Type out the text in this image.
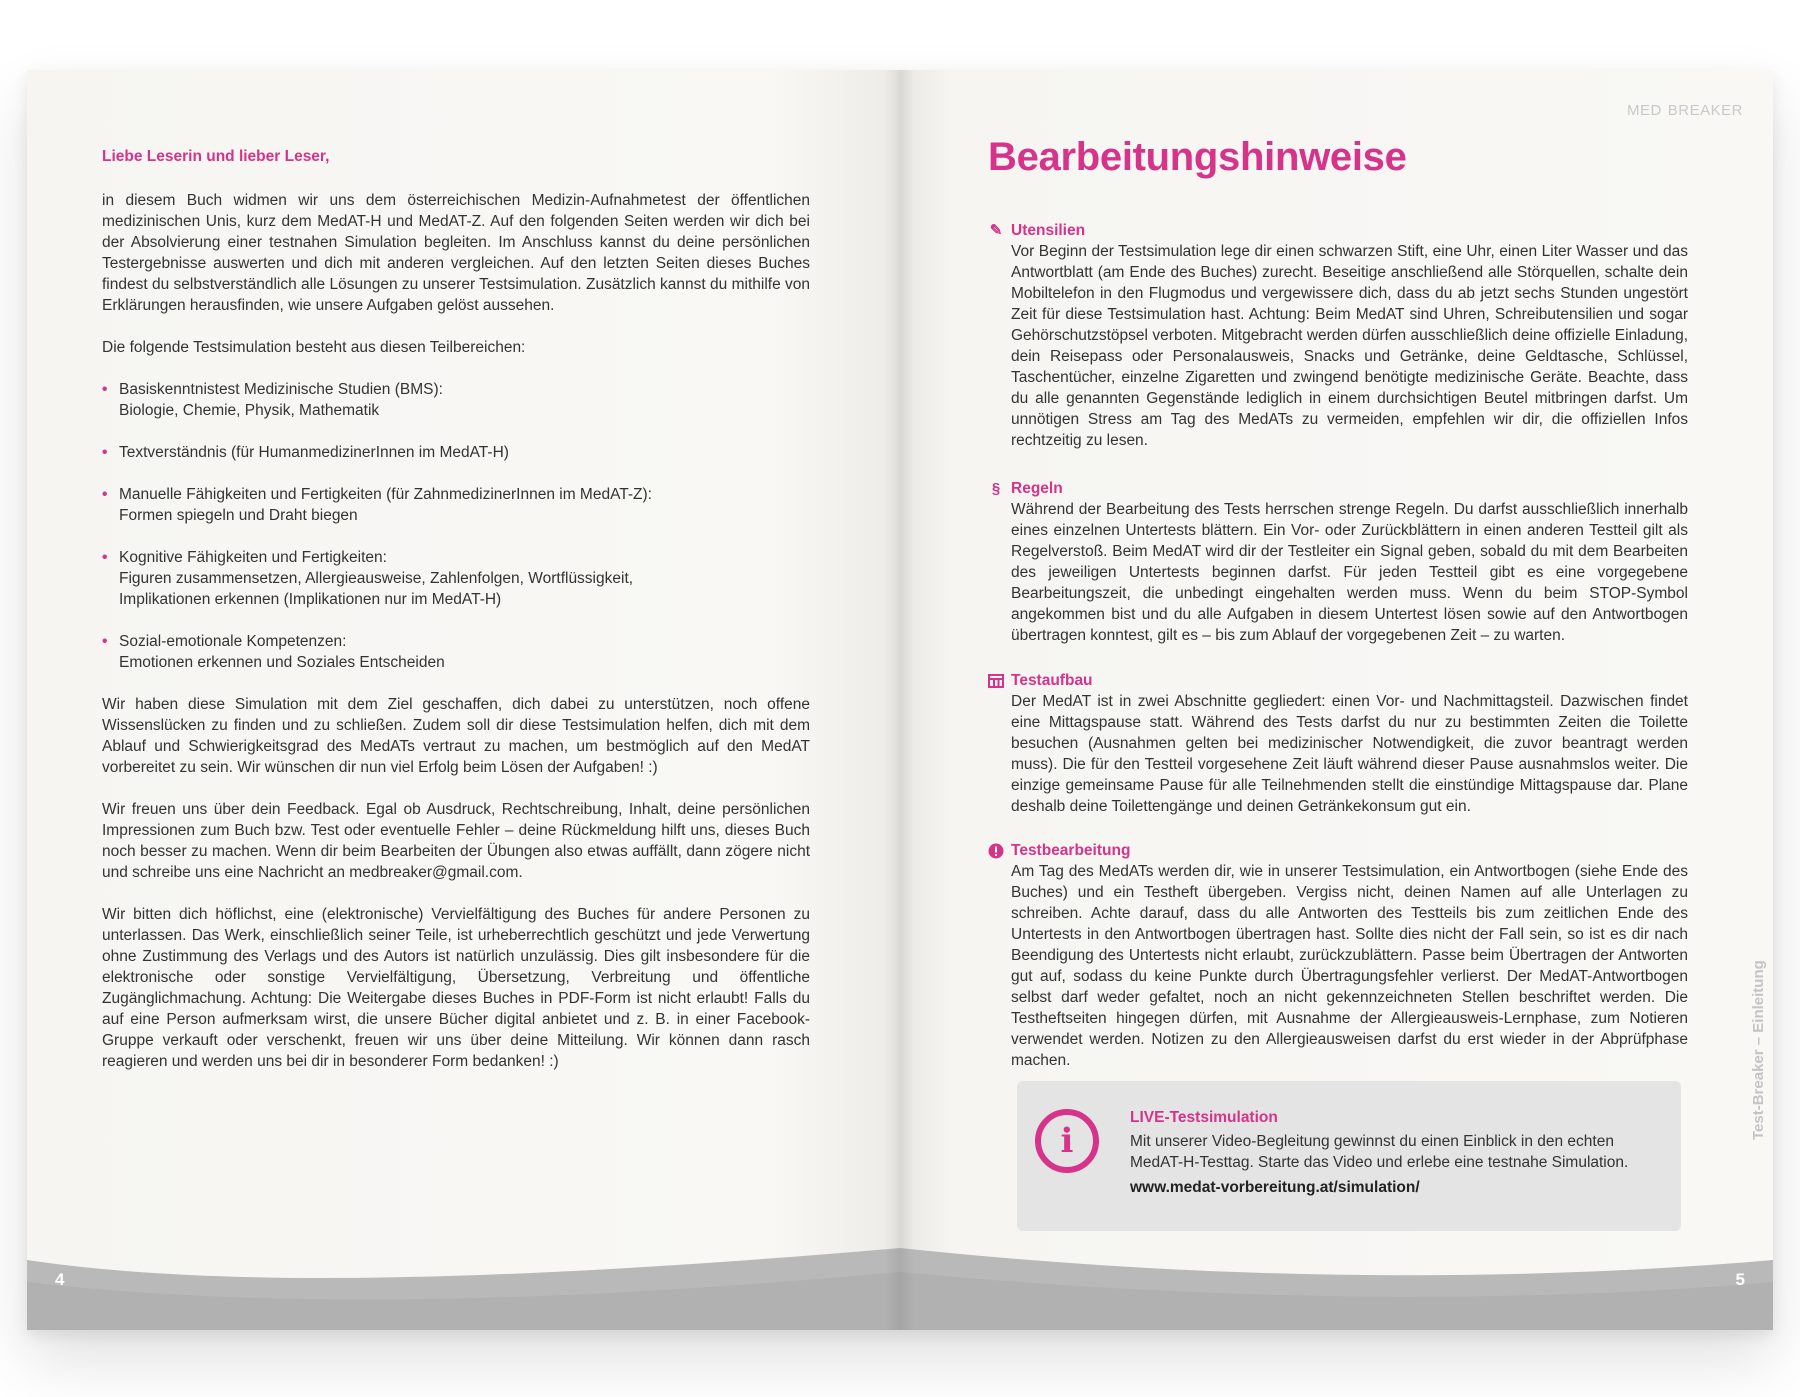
Liebe Leserin und lieber Leser,

in diesem Buch widmen wir uns dem österreichischen Medizin-Aufnahmetest der öffentlichen medizinischen Unis, kurz dem MedAT-H und MedAT-Z. Auf den folgenden Seiten werden wir dich bei der Absolvierung einer testnahen Simulation begleiten. Im Anschluss kannst du deine persönlichen Testergebnisse auswerten und dich mit anderen vergleichen. Auf den letzten Seiten dieses Buches findest du selbstverständlich alle Lösungen zu unserer Testsimulation. Zusätzlich kannst du mithilfe von Erklärungen herausfinden, wie unsere Aufgaben gelöst aussehen.

Die folgende Testsimulation besteht aus diesen Teilbereichen:

• Basiskenntnistest Medizinische Studien (BMS):
Biologie, Chemie, Physik, Mathematik
• Textverständnis (für HumanmedizinerInnen im MedAT-H)
• Manuelle Fähigkeiten und Fertigkeiten (für ZahnmedizinerInnen im MedAT-Z):
Formen spiegeln und Draht biegen
• Kognitive Fähigkeiten und Fertigkeiten:
Figuren zusammensetzen, Allergieausweise, Zahlenfolgen, Wortflüssigkeit, Implikationen erkennen (Implikationen nur im MedAT-H)
• Sozial-emotionale Kompetenzen:
Emotionen erkennen und Soziales Entscheiden

Wir haben diese Simulation mit dem Ziel geschaffen, dich dabei zu unterstützen, noch offene Wissenslücken zu finden und zu schließen. Zudem soll dir diese Testsimulation helfen, dich mit dem Ablauf und Schwierigkeitsgrad des MedATs vertraut zu machen, um bestmöglich auf den MedAT vorbereitet zu sein. Wir wünschen dir nun viel Erfolg beim Lösen der Aufgaben! :)

Wir freuen uns über dein Feedback. Egal ob Ausdruck, Rechtschreibung, Inhalt, deine persönlichen Impressionen zum Buch bzw. Test oder eventuelle Fehler – deine Rückmeldung hilft uns, dieses Buch noch besser zu machen. Wenn dir beim Bearbeiten der Übungen also etwas auffällt, dann zögere nicht und schreibe uns eine Nachricht an medbreaker@gmail.com.

Wir bitten dich höflichst, eine (elektronische) Vervielfältigung des Buches für andere Personen zu unterlassen. Das Werk, einschließlich seiner Teile, ist urheberrechtlich geschützt und jede Verwertung ohne Zustimmung des Verlags und des Autors ist natürlich unzulässig. Dies gilt insbesondere für die elektronische oder sonstige Vervielfältigung, Übersetzung, Verbreitung und öffentliche Zugänglichmachung. Achtung: Die Weitergabe dieses Buches in PDF-Form ist nicht erlaubt! Falls du auf eine Person aufmerksam wirst, die unsere Bücher digital anbietet und z. B. in einer Facebook-Gruppe verkauft oder verschenkt, freuen wir uns über deine Mitteilung. Wir können dann rasch reagieren und werden uns bei dir in besonderer Form bedanken! :)

4
MED BREAKER
Bearbeitungshinweise
✎ Utensilien
Vor Beginn der Testsimulation lege dir einen schwarzen Stift, eine Uhr, einen Liter Wasser und das Antwortblatt (am Ende des Buches) zurecht. Beseitige anschließend alle Störquellen, schalte dein Mobiltelefon in den Flugmodus und vergewissere dich, dass du ab jetzt sechs Stunden ungestört Zeit für diese Testsimulation hast. Achtung: Beim MedAT sind Uhren, Schreibutensilien und sogar Gehörschutzstöpsel verboten. Mitgebracht werden dürfen ausschließlich deine offizielle Einladung, dein Reisepass oder Personalausweis, Snacks und Getränke, deine Geldtasche, Schlüssel, Taschentücher, einzelne Zigaretten und zwingend benötigte medizinische Geräte. Beachte, dass du alle genannten Gegenstände lediglich in einem durchsichtigen Beutel mitbringen darfst. Um unnötigen Stress am Tag des MedATs zu vermeiden, empfehlen wir dir, die offiziellen Infos rechtzeitig zu lesen.
§ Regeln
Während der Bearbeitung des Tests herrschen strenge Regeln. Du darfst ausschließlich innerhalb eines einzelnen Untertests blättern. Ein Vor- oder Zurückblättern in einen anderen Testteil gilt als Regelverstoß. Beim MedAT wird dir der Testleiter ein Signal geben, sobald du mit dem Bearbeiten des jeweiligen Untertests beginnen darfst. Für jeden Testteil gibt es eine vorgegebene Bearbeitungszeit, die unbedingt eingehalten werden muss. Wenn du beim STOP-Symbol angekommen bist und du alle Aufgaben in diesem Untertest lösen sowie auf den Antwortbogen übertragen konntest, gilt es – bis zum Ablauf der vorgegebenen Zeit – zu warten.
Testaufbau
Der MedAT ist in zwei Abschnitte gegliedert: einen Vor- und Nachmittagsteil. Dazwischen findet eine Mittagspause statt. Während des Tests darfst du nur zu bestimmten Zeiten die Toilette besuchen (Ausnahmen gelten bei medizinischer Notwendigkeit, die zuvor beantragt werden muss). Die für den Testteil vorgesehene Zeit läuft während dieser Pause ausnahmslos weiter. Die einzige gemeinsame Pause für alle Teilnehmenden stellt die einstündige Mittagspause dar. Plane deshalb deine Toilettengänge und deinen Getränkekonsum gut ein.
Testbearbeitung
Am Tag des MedATs werden dir, wie in unserer Testsimulation, ein Antwortbogen (siehe Ende des Buches) und ein Testheft übergeben. Vergiss nicht, deinen Namen auf alle Unterlagen zu schreiben. Achte darauf, dass du alle Antworten des Testteils bis zum zeitlichen Ende des Untertests in den Antwortbogen übertragen hast. Sollte dies nicht der Fall sein, so ist es dir nach Beendigung des Untertests nicht erlaubt, zurückzublättern. Passe beim Übertragen der Antworten gut auf, sodass du keine Punkte durch Übertragungsfehler verlierst. Der MedAT-Antwortbogen selbst darf weder gefaltet, noch an nicht gekennzeichneten Stellen beschriftet werden. Die Testheftseiten hingegen dürfen, mit Ausnahme der Allergieausweis-Lernphase, zum Notieren verwendet werden. Notizen zu den Allergieausweisen darfst du erst wieder in der Abprüfphase machen.
i
LIVE-Testsimulation
Mit unserer Video-Begleitung gewinnst du einen Einblick in den echten MedAT-H-Testtag. Starte das Video und erlebe eine testnahe Simulation.
www.medat-vorbereitung.at/simulation/
Test-Breaker – Einleitung
5
